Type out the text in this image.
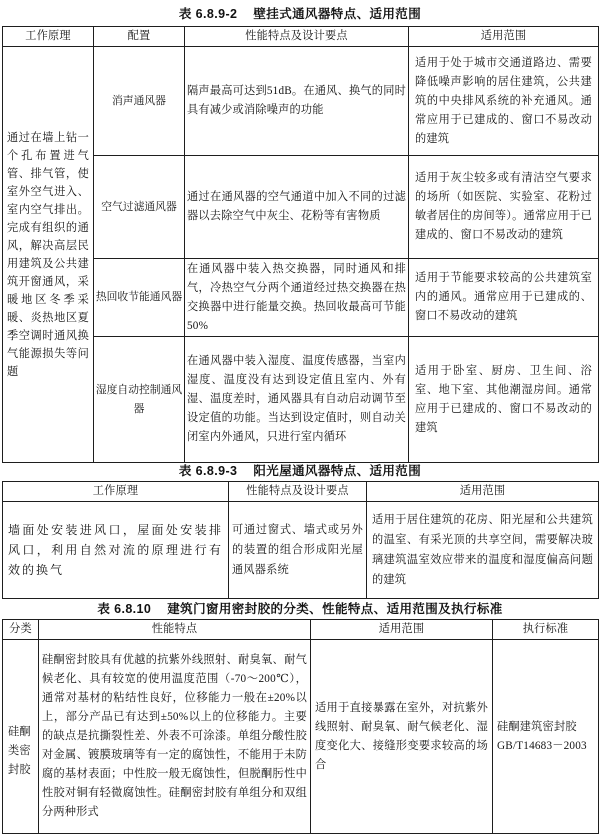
表 6.8.9-2 壁挂式通风器特点、适用范围
工作原理	配置	性能特点及设计要点	适用范围
通过在墙上钻一个孔布置进气管、排气管，使室外空气进入、室内空气排出。完成有组织的通风，解决高层民用建筑及公共建筑开窗通风，采暖地区冬季采暖、炎热地区夏季空调时通风换气能源损失等问题	消声通风器	隔声最高可达到51dB。在通风、换气的同时具有减少或消除噪声的功能	适用于处于城市交通道路边、需要降低噪声影响的居住建筑，公共建筑的中央排风系统的补充通风。通常应用于已建成的、窗口不易改动的建筑
	空气过滤通风器	通过在通风器的空气通道中加入不同的过滤器以去除空气中灰尘、花粉等有害物质	适用于灰尘较多或有清洁空气要求的场所（如医院、实验室、花粉过敏者居住的房间等）。通常应用于已建成的、窗口不易改动的建筑
	热回收节能通风器	在通风器中装入热交换器，同时通风和排气，冷热空气分两个通道经过热交换器在热交换器中进行能量交换。热回收最高可节能50%	适用于节能要求较高的公共建筑室内的通风。通常应用于已建成的、窗口不易改动的建筑
	湿度自动控制通风器	在通风器中装入湿度、温度传感器，当室内湿度、温度没有达到设定值且室内、外有湿、温度差时，通风器具有自动启动调节至设定值的功能。当达到设定值时，则自动关闭室内外通风，只进行室内循环	适用于卧室、厨房、卫生间、浴室、地下室、其他潮湿房间。通常应用于已建成的、窗口不易改动的建筑
表 6.8.9-3 阳光屋通风器特点、适用范围
工作原理	性能特点及设计要点	适用范围
墙面处安装进风口，屋面处安装排风口，利用自然对流的原理进行有效的换气	可通过窗式、墙式或另外的装置的组合形成阳光屋通风器系统	适用于居住建筑的花房、阳光屋和公共建筑的温室、有采光顶的共享空间，需要解决玻璃建筑温室效应带来的温度和湿度偏高问题的建筑
表 6.8.10 建筑门窗用密封胶的分类、性能特点、适用范围及执行标准
分类	性能特点	适用范围	执行标准
硅酮类密封胶	硅酮密封胶具有优越的抗紫外线照射、耐臭氧、耐气候老化、具有较宽的使用温度范围（-70～200℃），通常对基材的粘结性良好，位移能力一般在±20%以上，部分产品已有达到±50%以上的位移能力。主要的缺点是抗撕裂性差、外表不可涂漆。单组分酸性胶对金属、镀膜玻璃等有一定的腐蚀性，不能用于未防腐的基材表面；中性胶一般无腐蚀性，但脱酮肟性中性胶对铜有轻微腐蚀性。硅酮密封胶有单组分和双组分两种形式	适用于直接暴露在室外，对抗紫外线照射、耐臭氧、耐气候老化、湿度变化大、接缝形变要求较高的场合	硅酮建筑密封胶
GB/T14683－2003
